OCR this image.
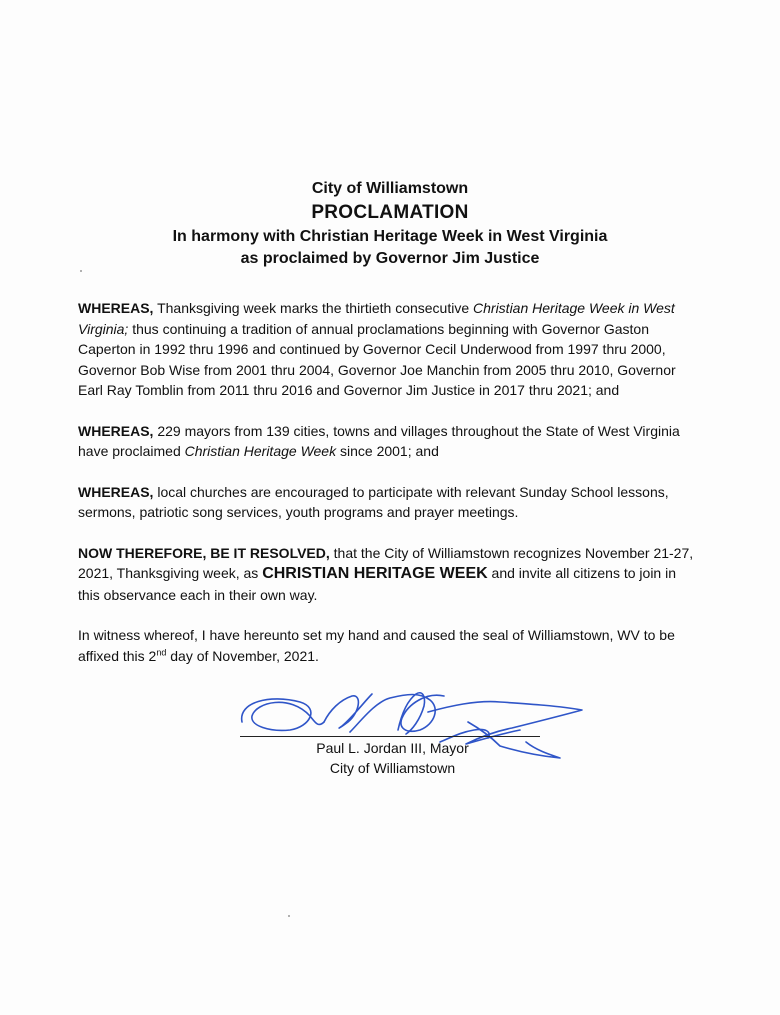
City of Williamstown
PROCLAMATION
In harmony with Christian Heritage Week in West Virginia
as proclaimed by Governor Jim Justice

WHEREAS, Thanksgiving week marks the thirtieth consecutive Christian Heritage Week in West Virginia; thus continuing a tradition of annual proclamations beginning with Governor Gaston Caperton in 1992 thru 1996 and continued by Governor Cecil Underwood from 1997 thru 2000, Governor Bob Wise from 2001 thru 2004, Governor Joe Manchin from 2005 thru 2010, Governor Earl Ray Tomblin from 2011 thru 2016 and Governor Jim Justice in 2017 thru 2021; and

WHEREAS, 229 mayors from 139 cities, towns and villages throughout the State of West Virginia have proclaimed Christian Heritage Week since 2001; and

WHEREAS, local churches are encouraged to participate with relevant Sunday School lessons, sermons, patriotic song services, youth programs and prayer meetings.

NOW THEREFORE, BE IT RESOLVED, that the City of Williamstown recognizes November 21-27, 2021, Thanksgiving week, as CHRISTIAN HERITAGE WEEK and invite all citizens to join in this observance each in their own way.

In witness whereof, I have hereunto set my hand and caused the seal of Williamstown, WV to be affixed this 2nd day of November, 2021.

Paul L. Jordan III, Mayor
City of Williamstown
